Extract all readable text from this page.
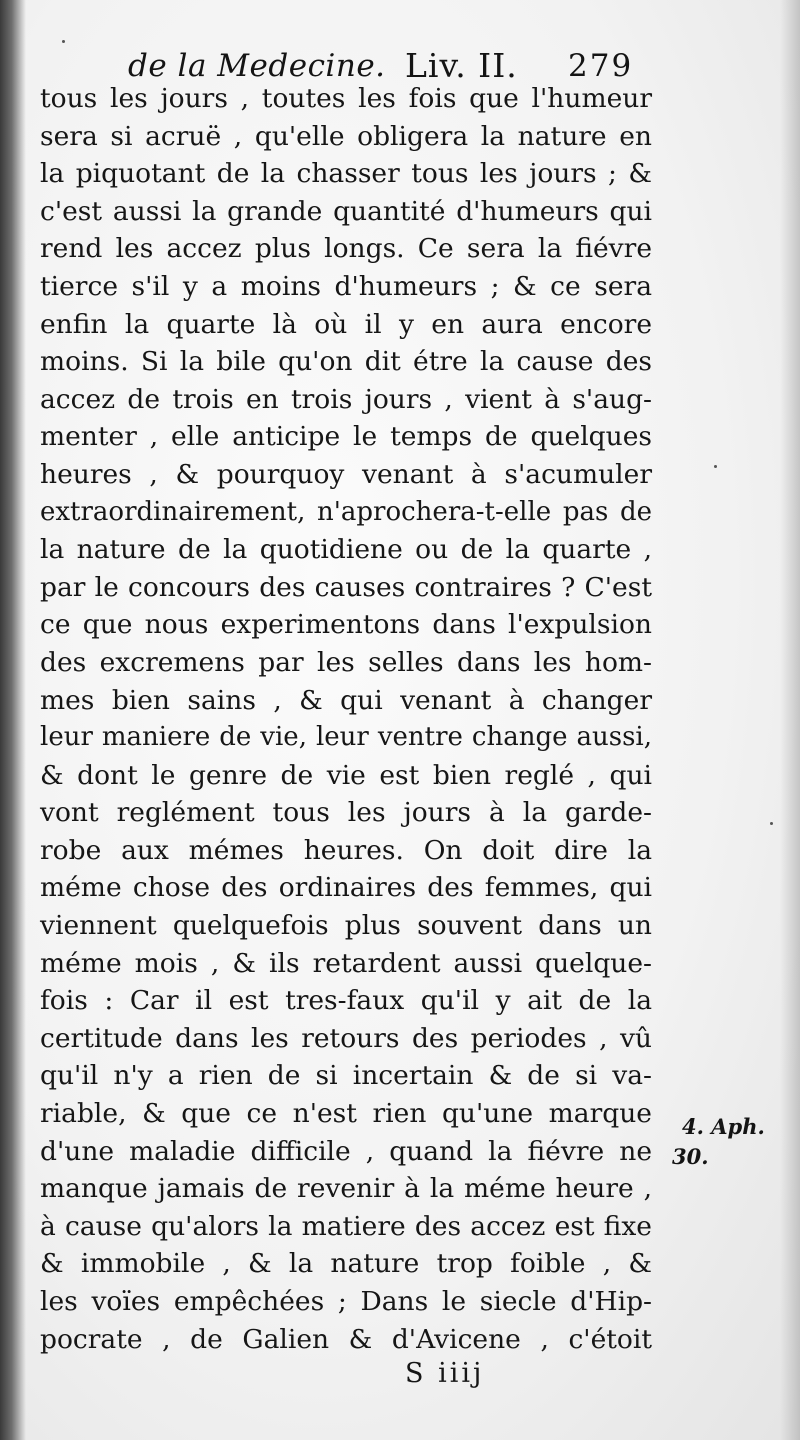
de la Medecine. Liv. II. 279
tous les jours , toutes les fois que l'humeur
sera si acruë , qu'elle obligera la nature en
la piquotant de la chasser tous les jours ; &
c'est aussi la grande quantité d'humeurs qui
rend les accez plus longs. Ce sera la fiévre
tierce s'il y a moins d'humeurs ; & ce sera
enfin la quarte là où il y en aura encore
moins. Si la bile qu'on dit étre la cause des
accez de trois en trois jours , vient à s'aug-
menter , elle anticipe le temps de quelques
heures , & pourquoy venant à s'acumuler
extraordinairement, n'aprochera-t-elle pas de
la nature de la quotidiene ou de la quarte ,
par le concours des causes contraires ? C'est
ce que nous experimentons dans l'expulsion
des excremens par les selles dans les hom-
mes bien sains , & qui venant à changer
leur maniere de vie, leur ventre change aussi,
& dont le genre de vie est bien reglé , qui
vont reglément tous les jours à la garde-
robe aux mémes heures. On doit dire la
méme chose des ordinaires des femmes, qui
viennent quelquefois plus souvent dans un
méme mois , & ils retardent aussi quelque-
fois : Car il est tres-faux qu'il y ait de la
certitude dans les retours des periodes , vû
qu'il n'y a rien de si incertain & de si va-
riable, & que ce n'est rien qu'une marque
d'une maladie difficile , quand la fiévre ne
manque jamais de revenir à la méme heure ,
à cause qu'alors la matiere des accez est fixe
& immobile , & la nature trop foible , &
les voïes empêchées ; Dans le siecle d'Hip-
pocrate , de Galien & d'Avicene , c'étoit
4. Aph.
30.
S iiij
